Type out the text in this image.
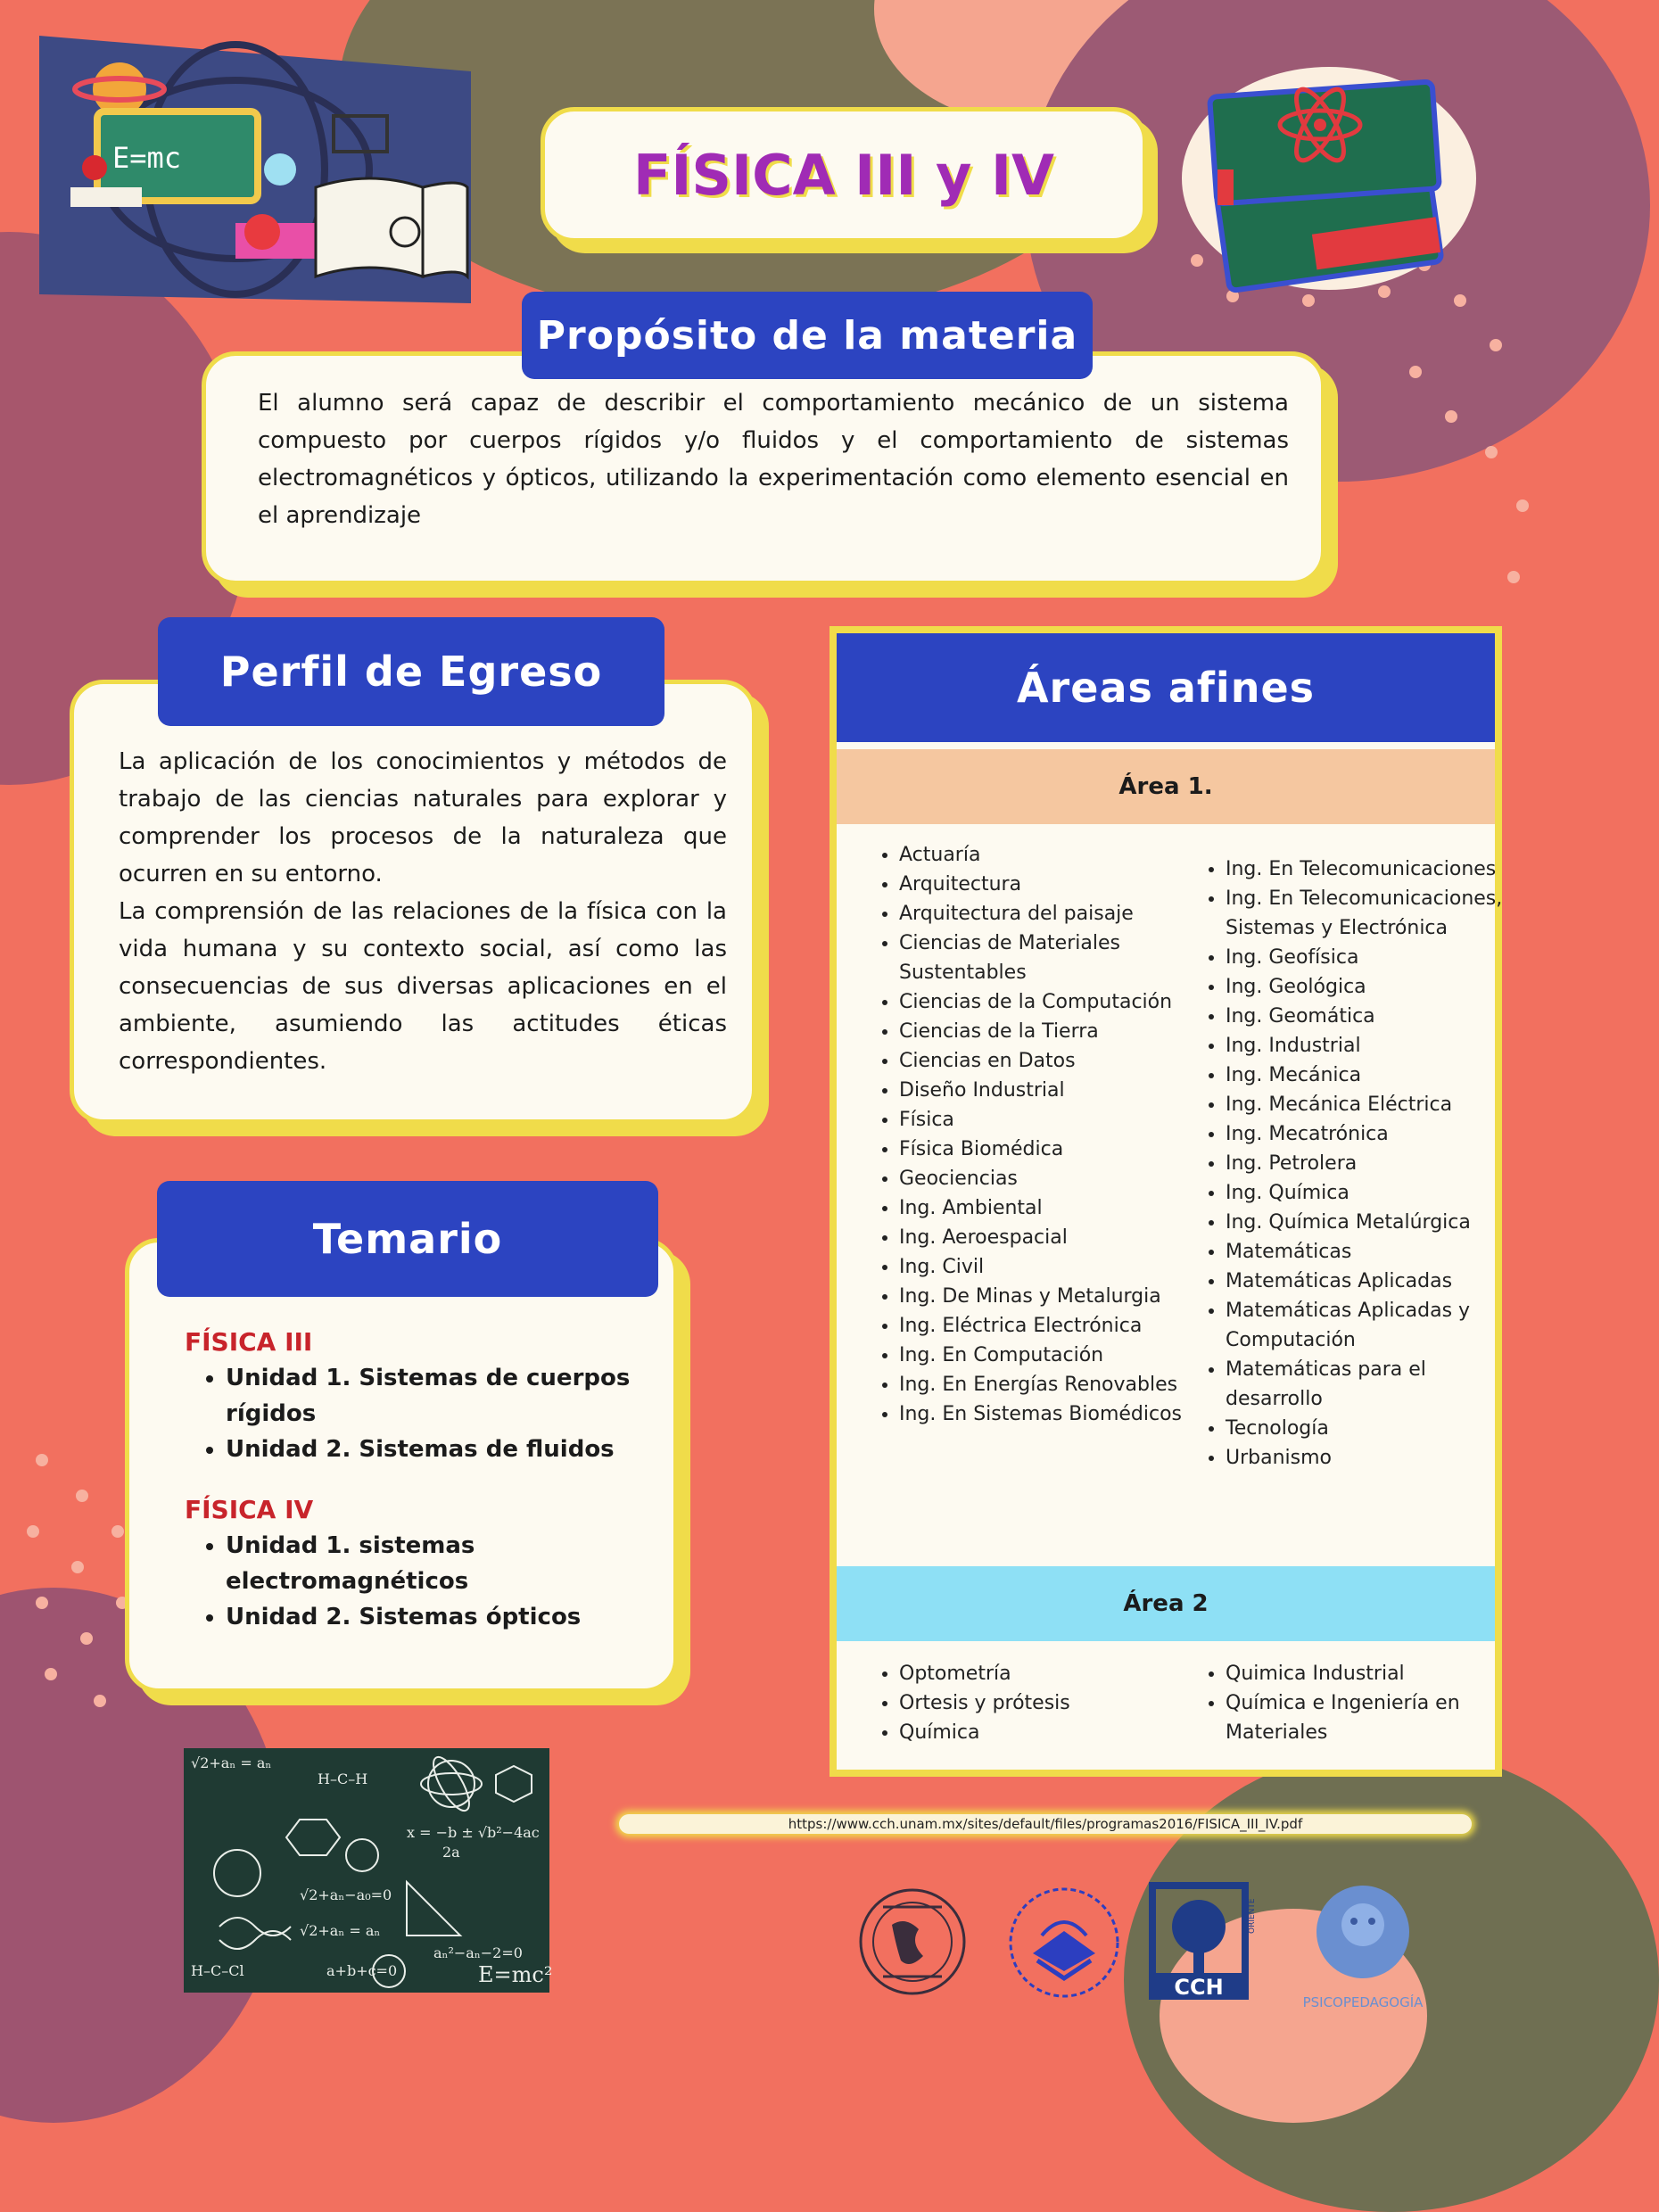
E=mc	FÍSICA III y IV

El alumno será capaz de describir el comportamiento mecánico de un sistema compuesto por cuerpos rígidos y/o fluidos y el comportamiento de sistemas electromagnéticos y ópticos, utilizando la experimentación como elemento esencial en el aprendizaje

Propósito de la materia

La aplicación de los conocimientos y métodos de trabajo de las ciencias naturales para explorar y comprender los procesos de la naturaleza que ocurren en su entorno.

La comprensión de las relaciones de la física con la vida humana y su contexto social, así como las consecuencias de sus diversas aplicaciones en el ambiente, asumiendo las actitudes éticas correspondientes.

Perfil de Egreso
FÍSICA III
• Unidad 1. Sistemas de cuerpos rígidos
• Unidad 2. Sistemas de fluidos
FÍSICA IV
• Unidad 1. sistemas electromagnéticos
• Unidad 2. Sistemas ópticos
Temario
Áreas afines
Área 1.
• Actuaría
• Arquitectura
• Arquitectura del paisaje
• Ciencias de Materiales Sustentables
• Ciencias de la Computación
• Ciencias de la Tierra
• Ciencias en Datos
• Diseño Industrial
• Física
• Física Biomédica
• Geociencias
• Ing. Ambiental
• Ing. Aeroespacial
• Ing. Civil
• Ing. De Minas y Metalurgia
• Ing. Eléctrica Electrónica
• Ing. En Computación
• Ing. En Energías Renovables
• Ing. En Sistemas Biomédicos
• Ing. En Telecomunicaciones
• Ing. En Telecomunicaciones, Sistemas y Electrónica
• Ing. Geofísica
• Ing. Geológica
• Ing. Geomática
• Ing. Industrial
• Ing. Mecánica
• Ing. Mecánica Eléctrica
• Ing. Mecatrónica
• Ing. Petrolera
• Ing. Química
• Ing. Química Metalúrgica
• Matemáticas
• Matemáticas Aplicadas
• Matemáticas Aplicadas y Computación
• Matemáticas para el desarrollo
• Tecnología
• Urbanismo
Área 2
• Optometría
• Ortesis y prótesis
• Química
• Quimica Industrial
• Química e Ingeniería en Materiales
https://www.cch.unam.mx/sites/default/files/programas2016/FISICA_III_IV.pdf
√2+aₙ = aₙ
H–C–H
x = −b ± √b²−4ac
2a
√2+aₙ−a₀=0
√2+aₙ = aₙ
aₙ²−aₙ−2=0
a+b+c=0
H–C–Cl	E=mc²	CCH
ORIENTE
PSICOPEDAGOGÍA
